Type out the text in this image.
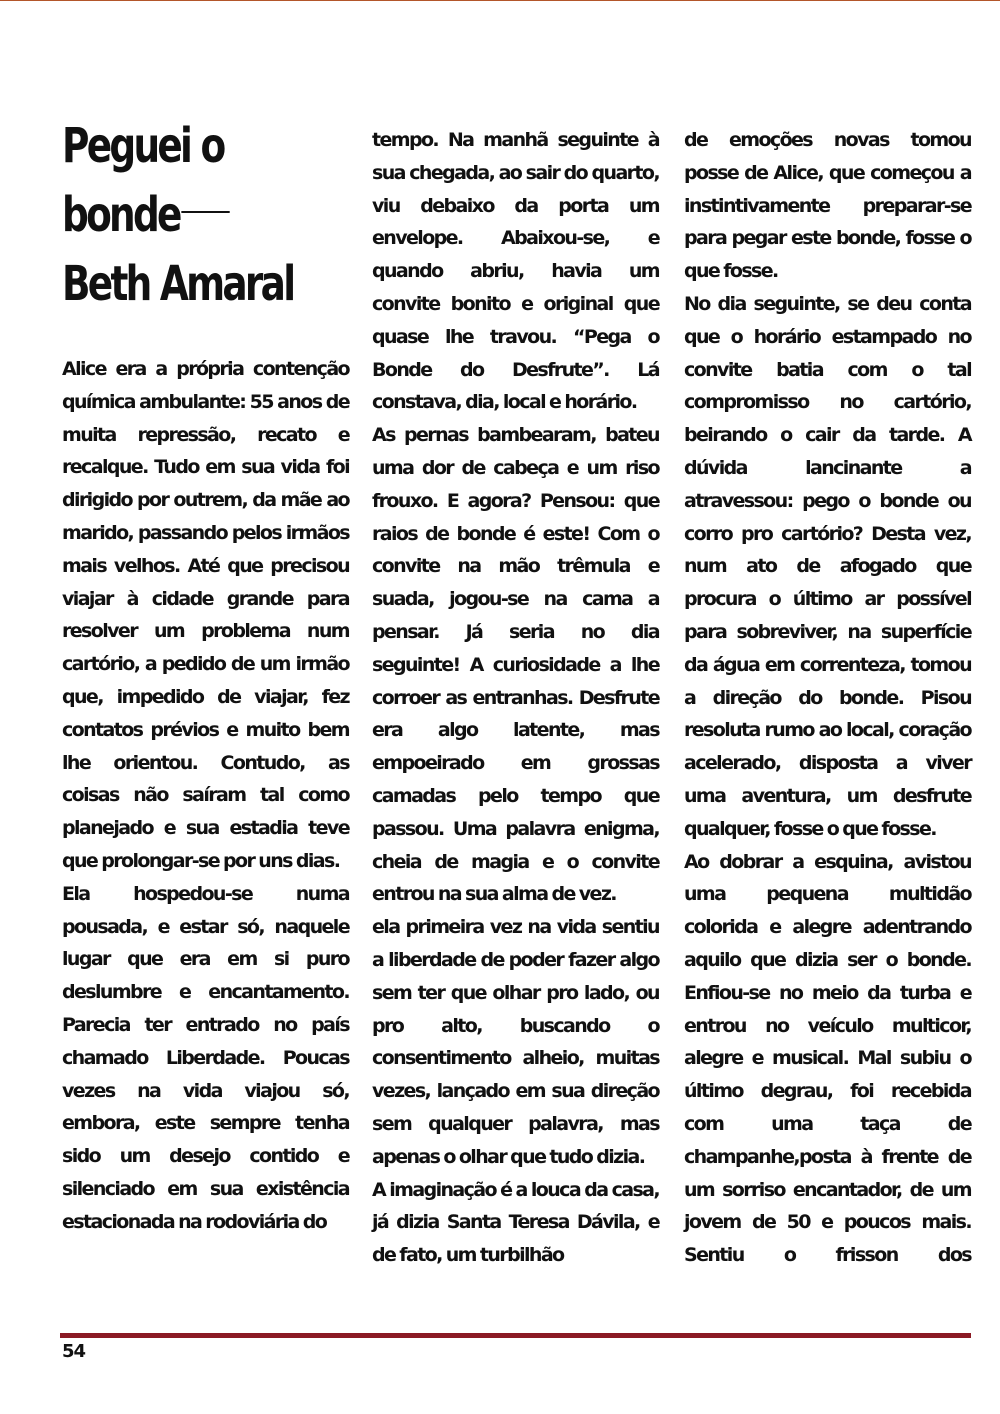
Peguei o
bonde
Beth Amaral

Alice era a própria contenção química ambulante: 55 anos de muita repressão, recato e recalque. Tudo em sua vida foi dirigido por outrem, da mãe ao marido, passando pelos irmãos mais velhos. Até que precisou viajar à cidade grande para resolver um problema num cartório, a pedido de um irmão que, impedido de viajar, fez contatos prévios e muito bem lhe orientou. Contudo, as coisas não saíram tal como planejado e sua estadia teve que prolongar-se por uns dias.

Ela hospedou-se numa pousada, e estar só, naquele lugar que era em si puro deslumbre e encantamento. Parecia ter entrado no país chamado Liberdade. Poucas vezes na vida viajou só, embora, este sempre tenha sido um desejo contido e silenciado em sua existência estacionada na rodoviária do

tempo. Na manhã seguinte à sua chegada, ao sair do quarto, viu debaixo da porta um envelope. Abaixou-se, e quando abriu, havia um convite bonito e original que quase lhe travou. “Pega o Bonde do Desfrute”. Lá constava, dia, local e horário.

As pernas bambearam, bateu uma dor de cabeça e um riso frouxo. E agora? Pensou: que raios de bonde é este! Com o convite na mão trêmula e suada, jogou-se na cama a pensar. Já seria no dia seguinte! A curiosidade a lhe corroer as entranhas. Desfrute era algo latente, mas empoeirado em grossas camadas pelo tempo que passou. Uma palavra enigma, cheia de magia e o convite entrou na sua alma de vez.

ela primeira vez na vida sentiu a liberdade de poder fazer algo sem ter que olhar pro lado, ou pro alto, buscando o consentimento alheio, muitas vezes, lançado em sua direção sem qualquer palavra, mas apenas o olhar que tudo dizia.

A imaginação é a louca da casa, já dizia Santa Teresa Dávila, e de fato, um turbilhão

de emoções novas tomou posse de Alice, que começou a instintivamente preparar-se para pegar este bonde, fosse o que fosse.

No dia seguinte, se deu conta que o horário estampado no convite batia com o tal compromisso no cartório, beirando o cair da tarde. A dúvida lancinante a atravessou: pego o bonde ou corro pro cartório? Desta vez, num ato de afogado que procura o último ar possível para sobreviver, na superfície da água em correnteza, tomou a direção do bonde. Pisou resoluta rumo ao local, coração acelerado, disposta a viver uma aventura, um desfrute qualquer, fosse o que fosse.

Ao dobrar a esquina, avistou uma pequena multidão colorida e alegre adentrando aquilo que dizia ser o bonde. Enfiou-se no meio da turba e entrou no veículo multicor, alegre e musical. Mal subiu o último degrau, foi recebida com uma taça de champanhe,posta à frente de um sorriso encantador, de um jovem de 50 e poucos mais. Sentiu o frisson dos

54
